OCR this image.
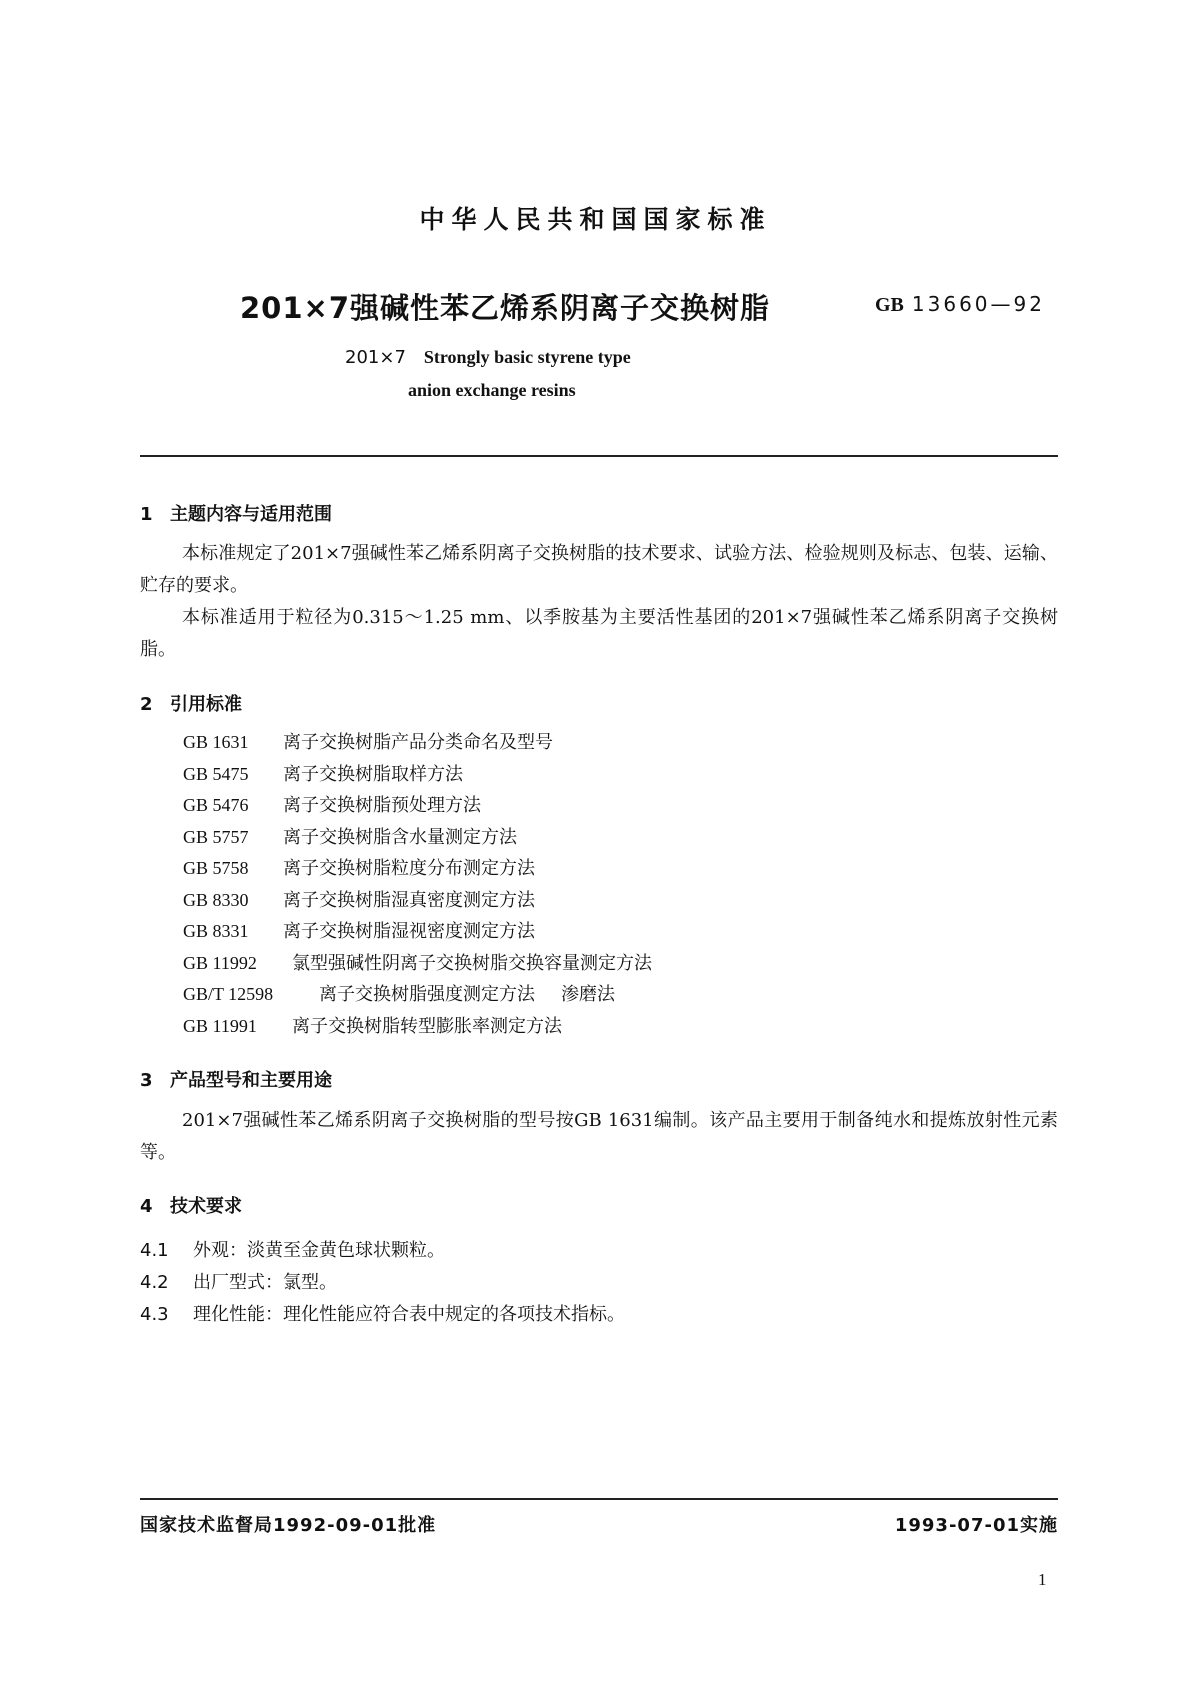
中华人民共和国国家标准
201×7强碱性苯乙烯系阴离子交换树脂	GB 13660—92
201×7 Strongly basic styrene type
anion exchange resins
1 主题内容与适用范围
本标准规定了201×7强碱性苯乙烯系阴离子交换树脂的技术要求、试验方法、检验规则及标志、包装、运输、贮存的要求。
本标准适用于粒径为0.315～1.25 mm、以季胺基为主要活性基团的201×7强碱性苯乙烯系阴离子交换树脂。
2 引用标准
GB 1631 离子交换树脂产品分类命名及型号
GB 5475 离子交换树脂取样方法
GB 5476 离子交换树脂预处理方法
GB 5757 离子交换树脂含水量测定方法
GB 5758 离子交换树脂粒度分布测定方法
GB 8330 离子交换树脂湿真密度测定方法
GB 8331 离子交换树脂湿视密度测定方法
GB 11992 氯型强碱性阴离子交换树脂交换容量测定方法
GB/T 12598	离子交换树脂强度测定方法 渗磨法
GB 11991 离子交换树脂转型膨胀率测定方法
3 产品型号和主要用途
201×7强碱性苯乙烯系阴离子交换树脂的型号按GB 1631编制。该产品主要用于制备纯水和提炼放射性元素等。
4 技术要求
4.1 外观：淡黄至金黄色球状颗粒。
4.2 出厂型式：氯型。
4.3 理化性能：理化性能应符合表中规定的各项技术指标。
国家技术监督局1992-09-01批准	1993-07-01实施
1
